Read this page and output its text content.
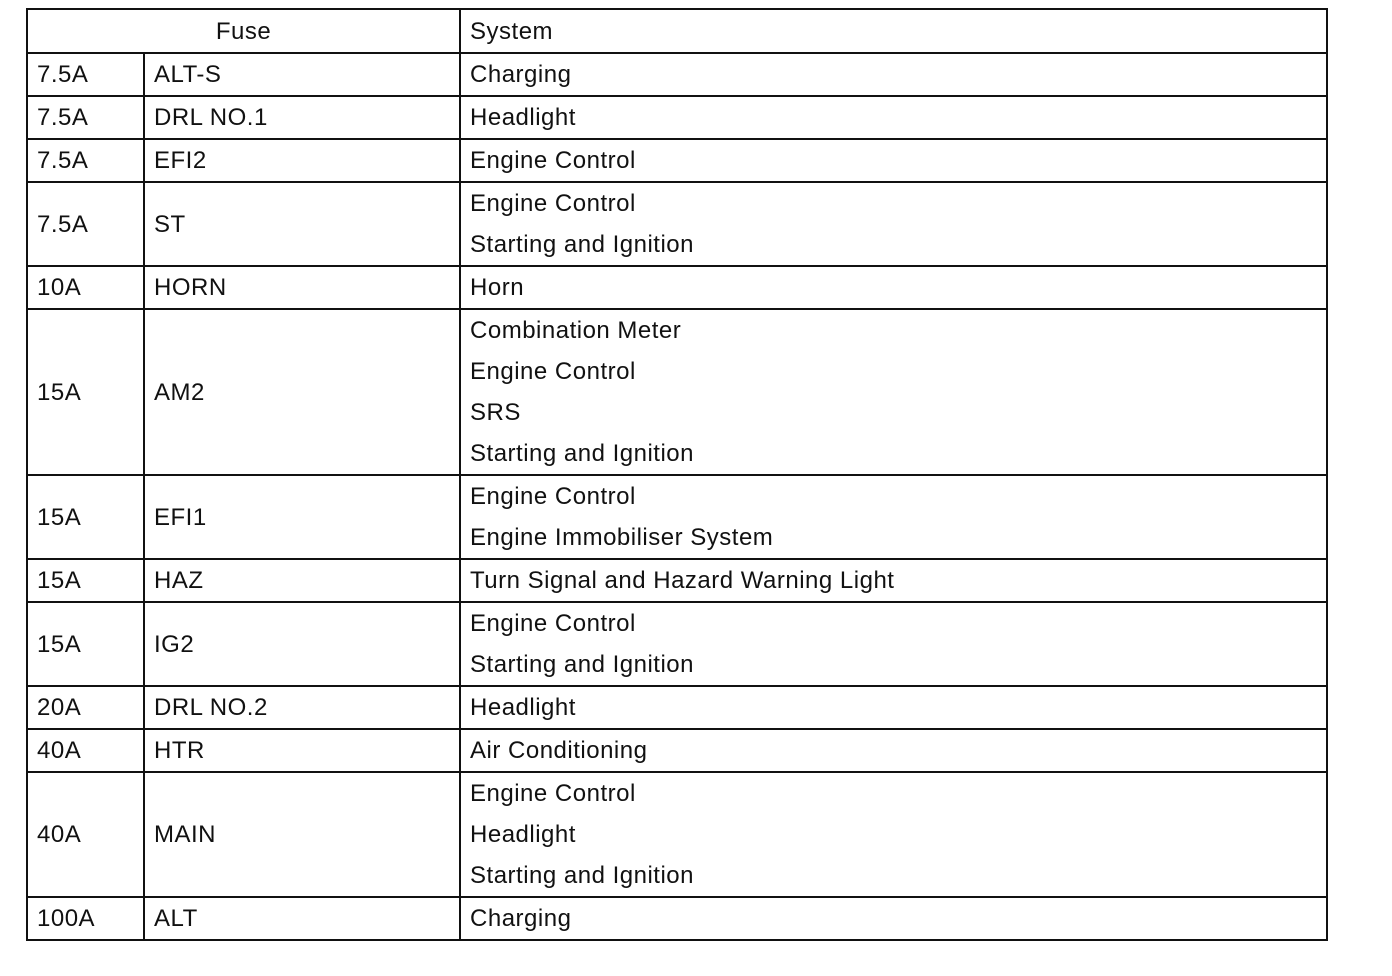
Fuse		System
7.5A	ALT-S	Charging

7.5A	DRL NO.1	Headlight

7.5A	EFI2	Engine Control

7.5A	ST	Engine Control
Starting and Ignition

10A	HORN	Horn

15A	AM2	Combination Meter
Engine Control
SRS
Starting and Ignition

15A	EFI1	Engine Control
Engine Immobiliser System

15A	HAZ	Turn Signal and Hazard Warning Light

15A	IG2	Engine Control
Starting and Ignition

20A	DRL NO.2	Headlight

40A	HTR	Air Conditioning

40A	MAIN	Engine Control
Headlight
Starting and Ignition

100A	ALT	Charging
